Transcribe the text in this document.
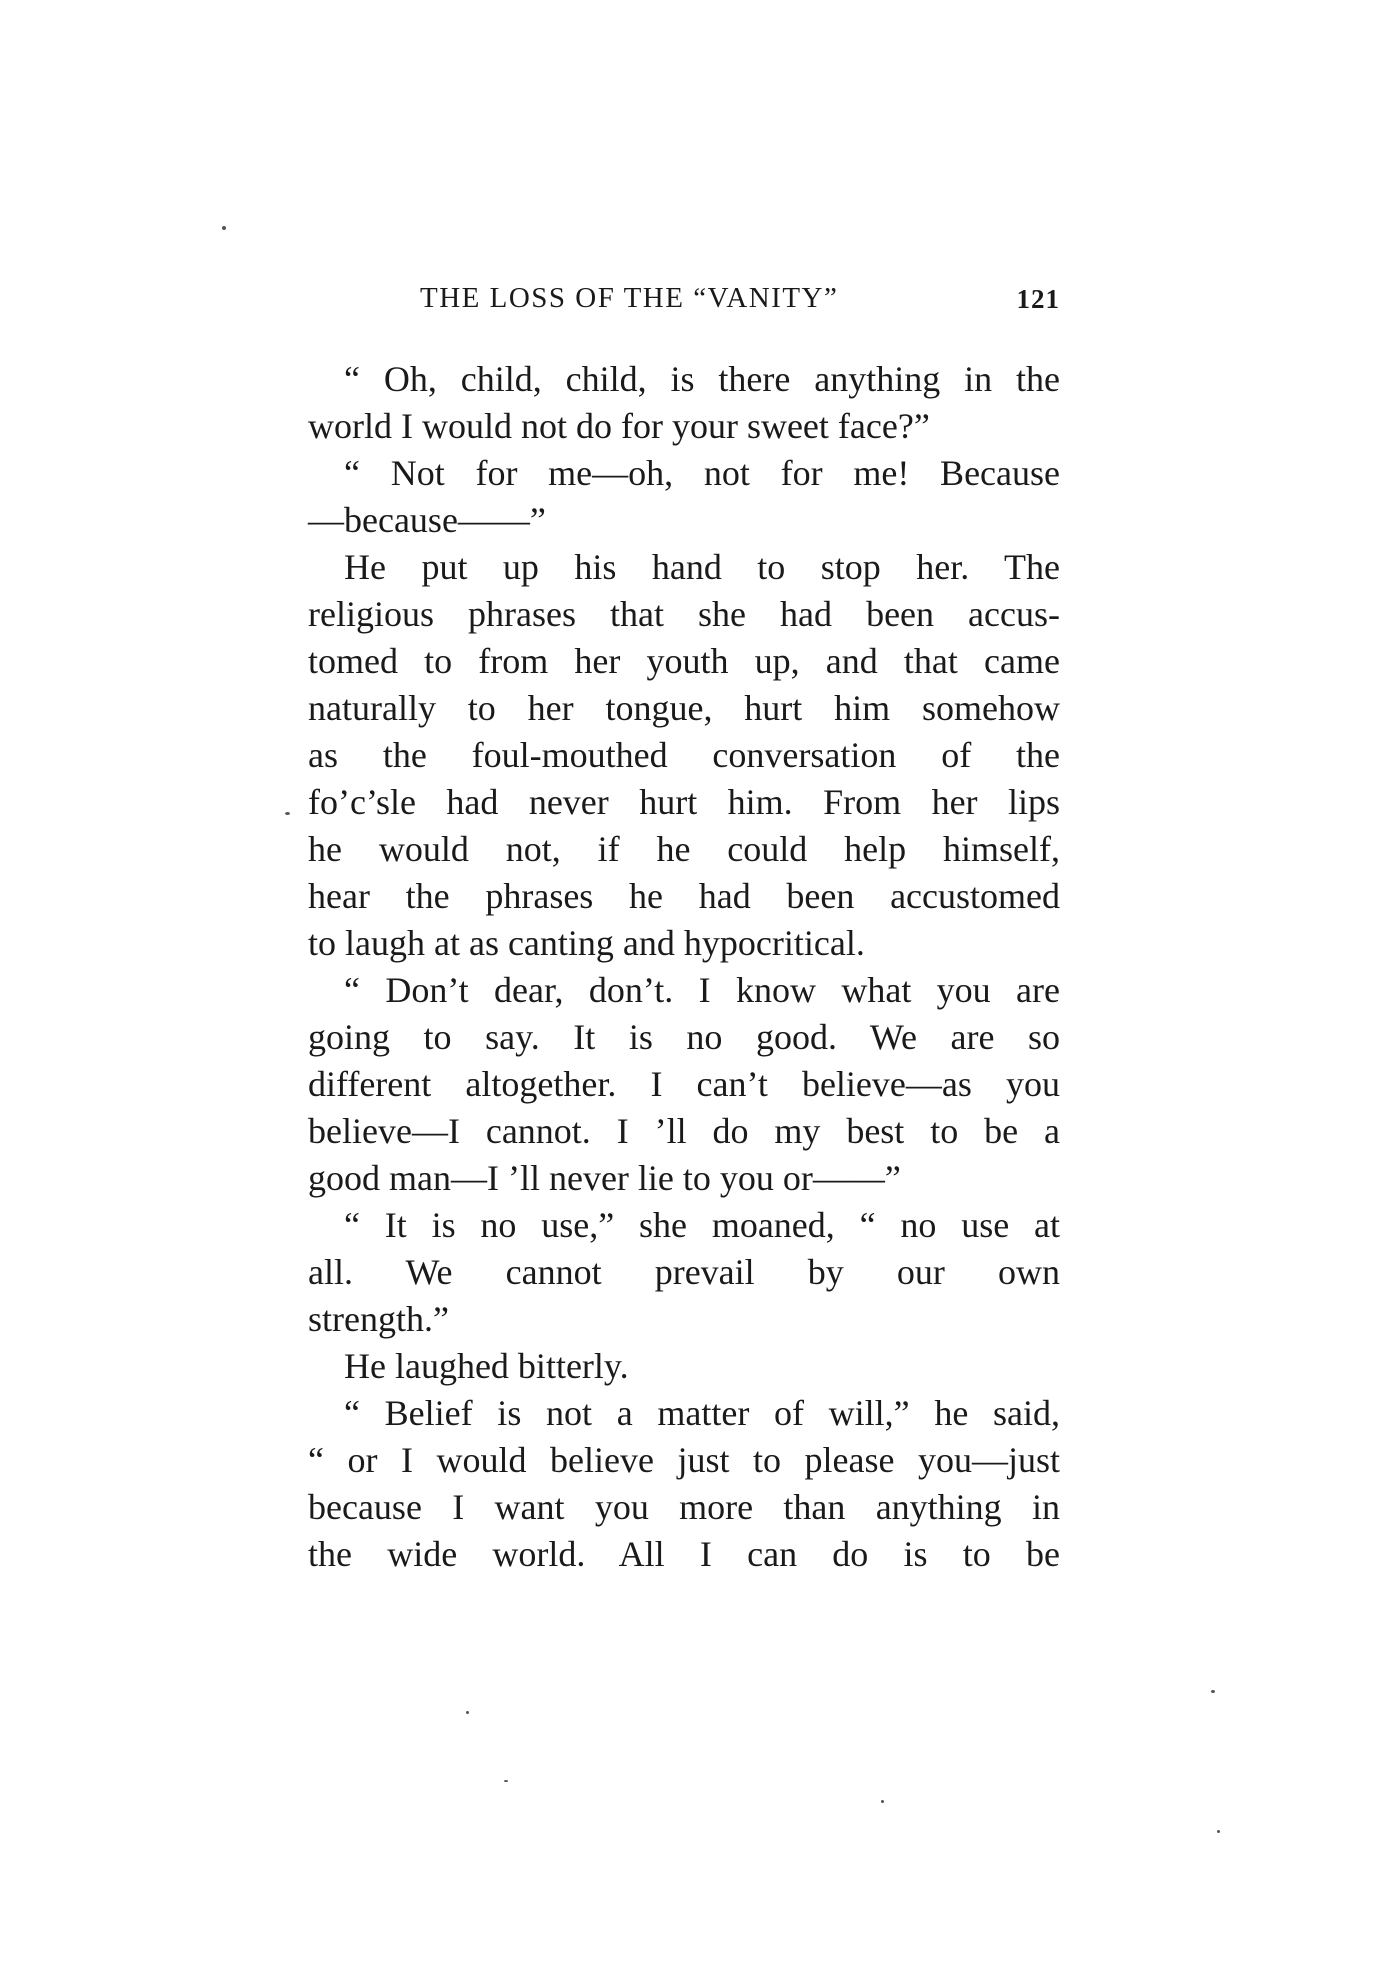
THE LOSS OF THE “VANITY”	121
“ Oh, child, child, is there anything in the
world I would not do for your sweet face?”
“ Not for me—oh, not for me! Because
—because——”
He put up his hand to stop her. The
religious phrases that she had been accus-
tomed to from her youth up, and that came
naturally to her tongue, hurt him somehow
as the foul-mouthed conversation of the
fo’c’sle had never hurt him. From her lips
he would not, if he could help himself,
hear the phrases he had been accustomed
to laugh at as canting and hypocritical.
“ Don’t dear, don’t. I know what you are
going to say. It is no good. We are so
different altogether. I can’t believe—as you
believe—I cannot. I ’ll do my best to be a
good man—I ’ll never lie to you or——”
“ It is no use,” she moaned, “ no use at
all. We cannot prevail by our own
strength.”
He laughed bitterly.
“ Belief is not a matter of will,” he said,
“ or I would believe just to please you—just
because I want you more than anything in
the wide world. All I can do is to be
